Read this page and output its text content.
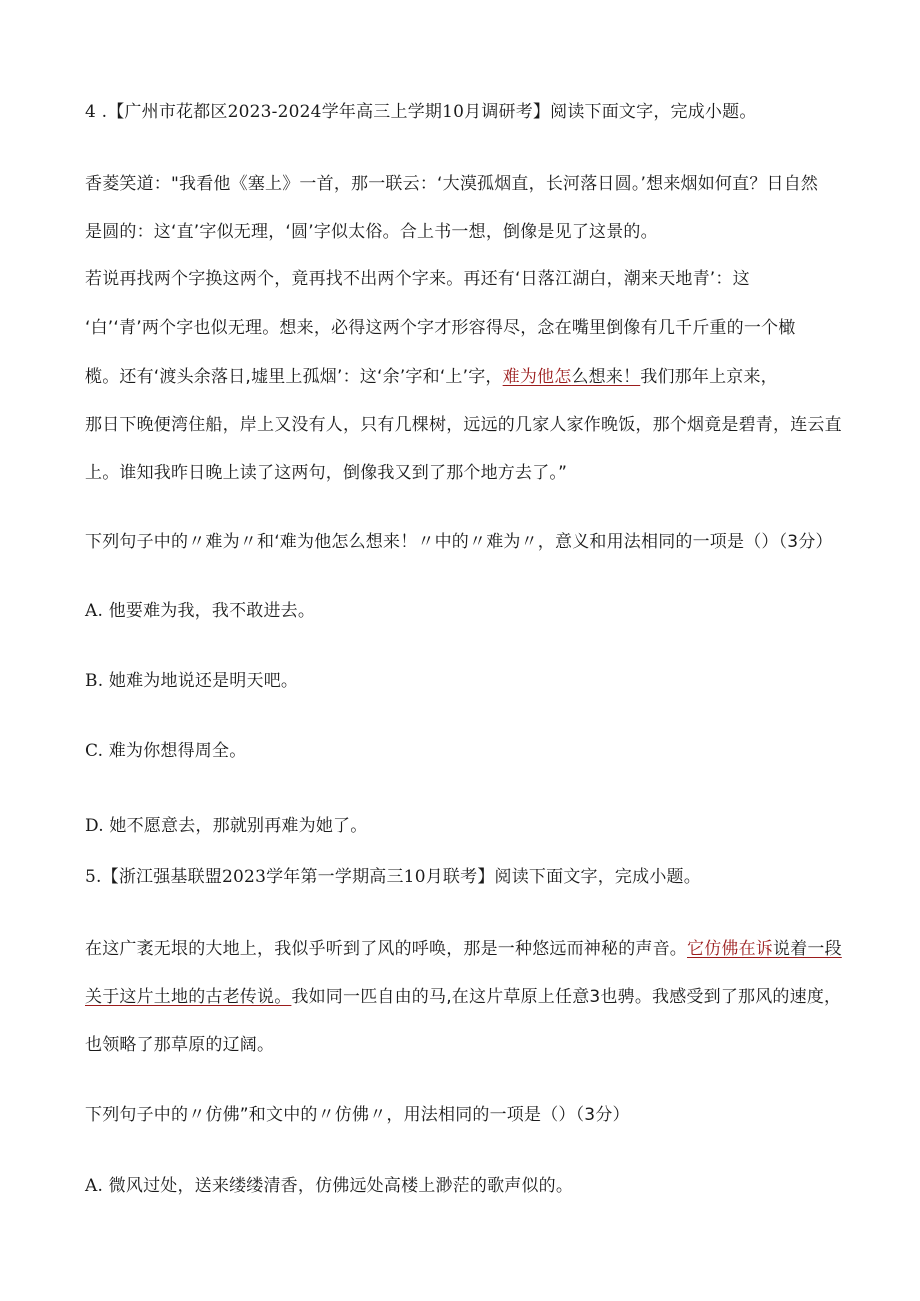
4 .【广州市花都区2023-2024学年高三上学期10月调研考】阅读下面文字，完成小题。
香菱笑道："我看他《塞上》一首，那一联云：‘大漠孤烟直，长河落日圆。’想来烟如何直？日自然
是圆的：这‘直’字似无理，‘圆’字似太俗。合上书一想，倒像是见了这景的。
若说再找两个字换这两个，竟再找不出两个字来。再还有‘日落江湖白，潮来天地青’：这
‘白’‘青’两个字也似无理。想来，必得这两个字才形容得尽，念在嘴里倒像有几千斤重的一个橄
榄。还有‘渡头余落日,墟里上孤烟’：这‘余’字和‘上’字，难为他怎么想来！我们那年上京来，
那日下晚便湾住船，岸上又没有人，只有几棵树，远远的几家人家作晚饭，那个烟竟是碧青，连云直
上。谁知我昨日晚上读了这两句，倒像我又到了那个地方去了。”
下列句子中的〃难为〃和‘难为他怎么想来！〃中的〃难为〃，意义和用法相同的一项是（）（3分）
A. 他要难为我，我不敢进去。
B. 她难为地说还是明天吧。
C. 难为你想得周全。
D. 她不愿意去，那就别再难为她了。
5.【浙江强基联盟2023学年第一学期高三10月联考】阅读下面文字，完成小题。
在这广袤无垠的大地上，我似乎听到了风的呼唤，那是一种悠远而神秘的声音。它仿佛在诉说着一段
关于这片土地的古老传说。我如同一匹自由的马,在这片草原上任意3也骋。我感受到了那风的速度，
也领略了那草原的辽阔。
下列句子中的〃仿佛”和文中的〃仿佛〃，用法相同的一项是（）（3分）
A. 微风过处，送来缕缕清香，仿佛远处高楼上渺茫的歌声似的。
